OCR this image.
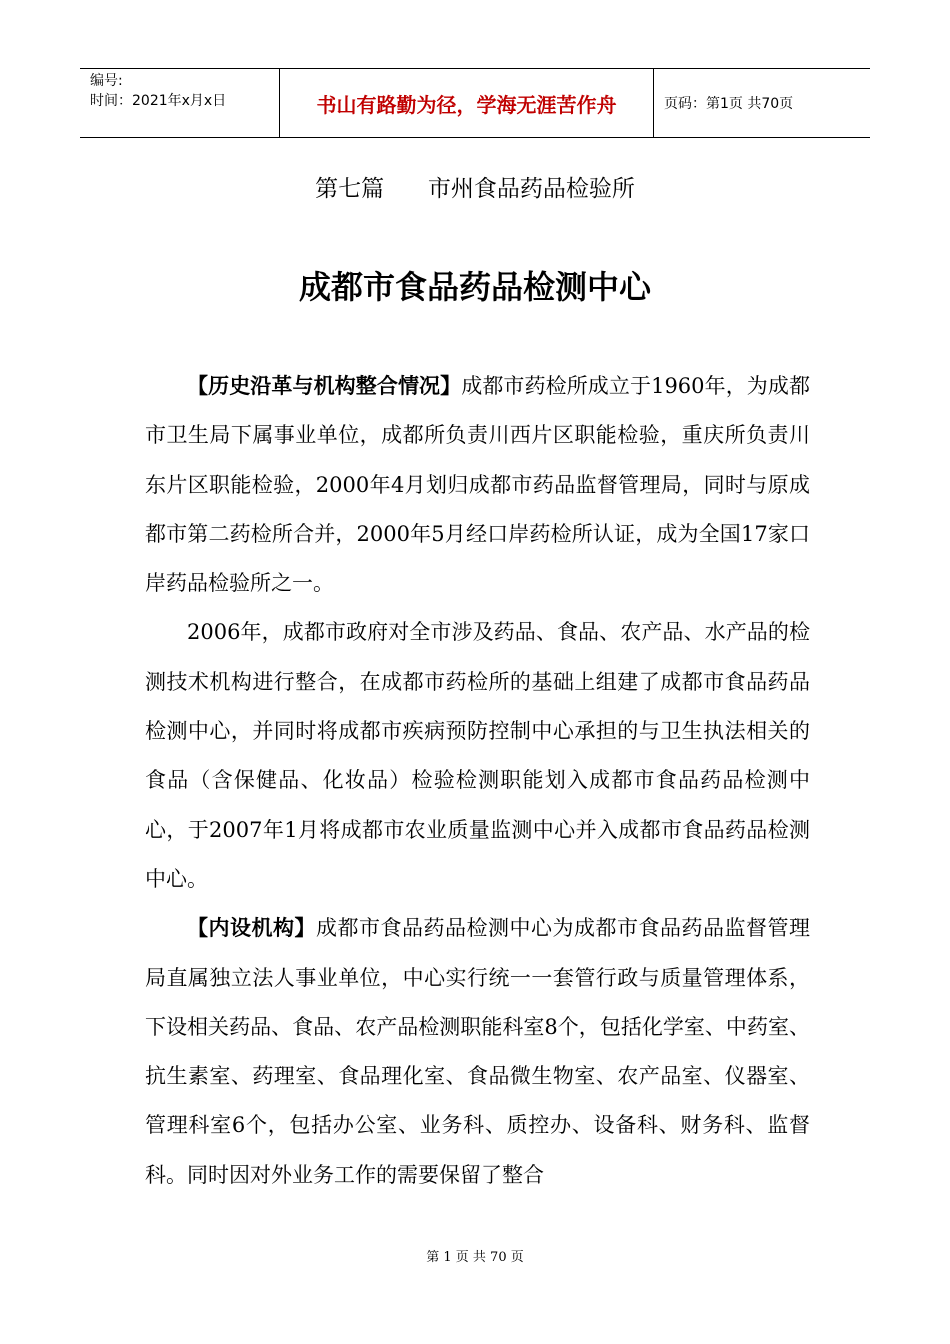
编号:
时间：2021年x月x日	书山有路勤为径，学海无涯苦作舟	页码：第1页 共70页
第七篇      市州食品药品检验所
成都市食品药品检测中心

【历史沿革与机构整合情况】成都市药检所成立于1960年，为成都市卫生局下属事业单位，成都所负责川西片区职能检验，重庆所负责川东片区职能检验，2000年4月划归成都市药品监督管理局，同时与原成都市第二药检所合并，2000年5月经口岸药检所认证，成为全国17家口岸药品检验所之一。

2006年，成都市政府对全市涉及药品、食品、农产品、水产品的检测技术机构进行整合，在成都市药检所的基础上组建了成都市食品药品检测中心，并同时将成都市疾病预防控制中心承担的与卫生执法相关的食品（含保健品、化妆品）检验检测职能划入成都市食品药品检测中心，于2007年1月将成都市农业质量监测中心并入成都市食品药品检测中心。

【内设机构】成都市食品药品检测中心为成都市食品药品监督管理局直属独立法人事业单位，中心实行统一一套管行政与质量管理体系，下设相关药品、食品、农产品检测职能科室8个，包括化学室、中药室、抗生素室、药理室、食品理化室、食品微生物室、农产品室、仪器室、管理科室6个，包括办公室、业务科、质控办、设备科、财务科、监督科。同时因对外业务工作的需要保留了整合

第 1 页 共 70 页
